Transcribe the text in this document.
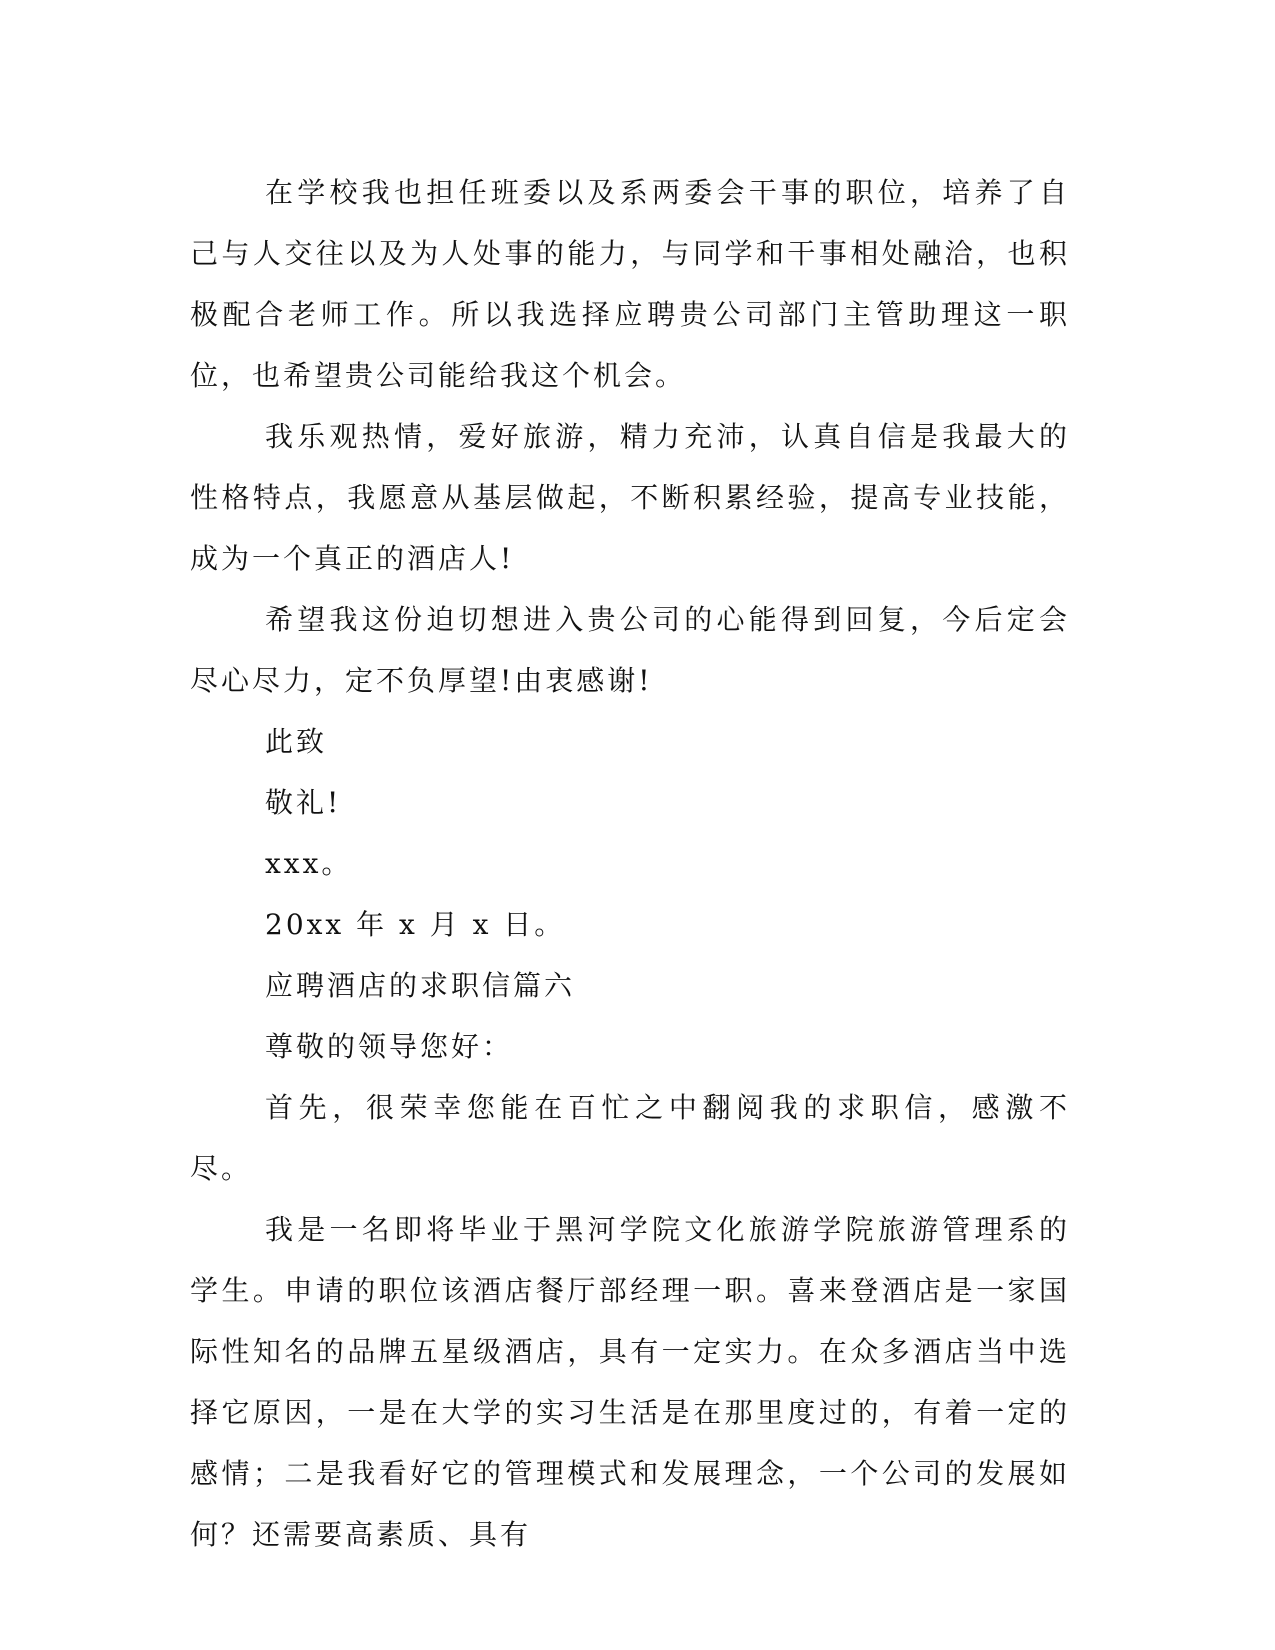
在学校我也担任班委以及系两委会干事的职位，培养了自己与人交往以及为人处事的能力，与同学和干事相处融洽，也积极配合老师工作。所以我选择应聘贵公司部门主管助理这一职位，也希望贵公司能给我这个机会。

我乐观热情，爱好旅游，精力充沛，认真自信是我最大的性格特点，我愿意从基层做起，不断积累经验，提高专业技能，成为一个真正的酒店人!

希望我这份迫切想进入贵公司的心能得到回复，今后定会尽心尽力，定不负厚望!由衷感谢!

此致

敬礼!

xxx。

20xx 年 x 月 x 日。

应聘酒店的求职信篇六

尊敬的领导您好：

首先，很荣幸您能在百忙之中翻阅我的求职信，感激不尽。

我是一名即将毕业于黑河学院文化旅游学院旅游管理系的学生。申请的职位该酒店餐厅部经理一职。喜来登酒店是一家国际性知名的品牌五星级酒店，具有一定实力。在众多酒店当中选择它原因，一是在大学的实习生活是在那里度过的，有着一定的感情；二是我看好它的管理模式和发展理念，一个公司的发展如何？还需要高素质、具有
